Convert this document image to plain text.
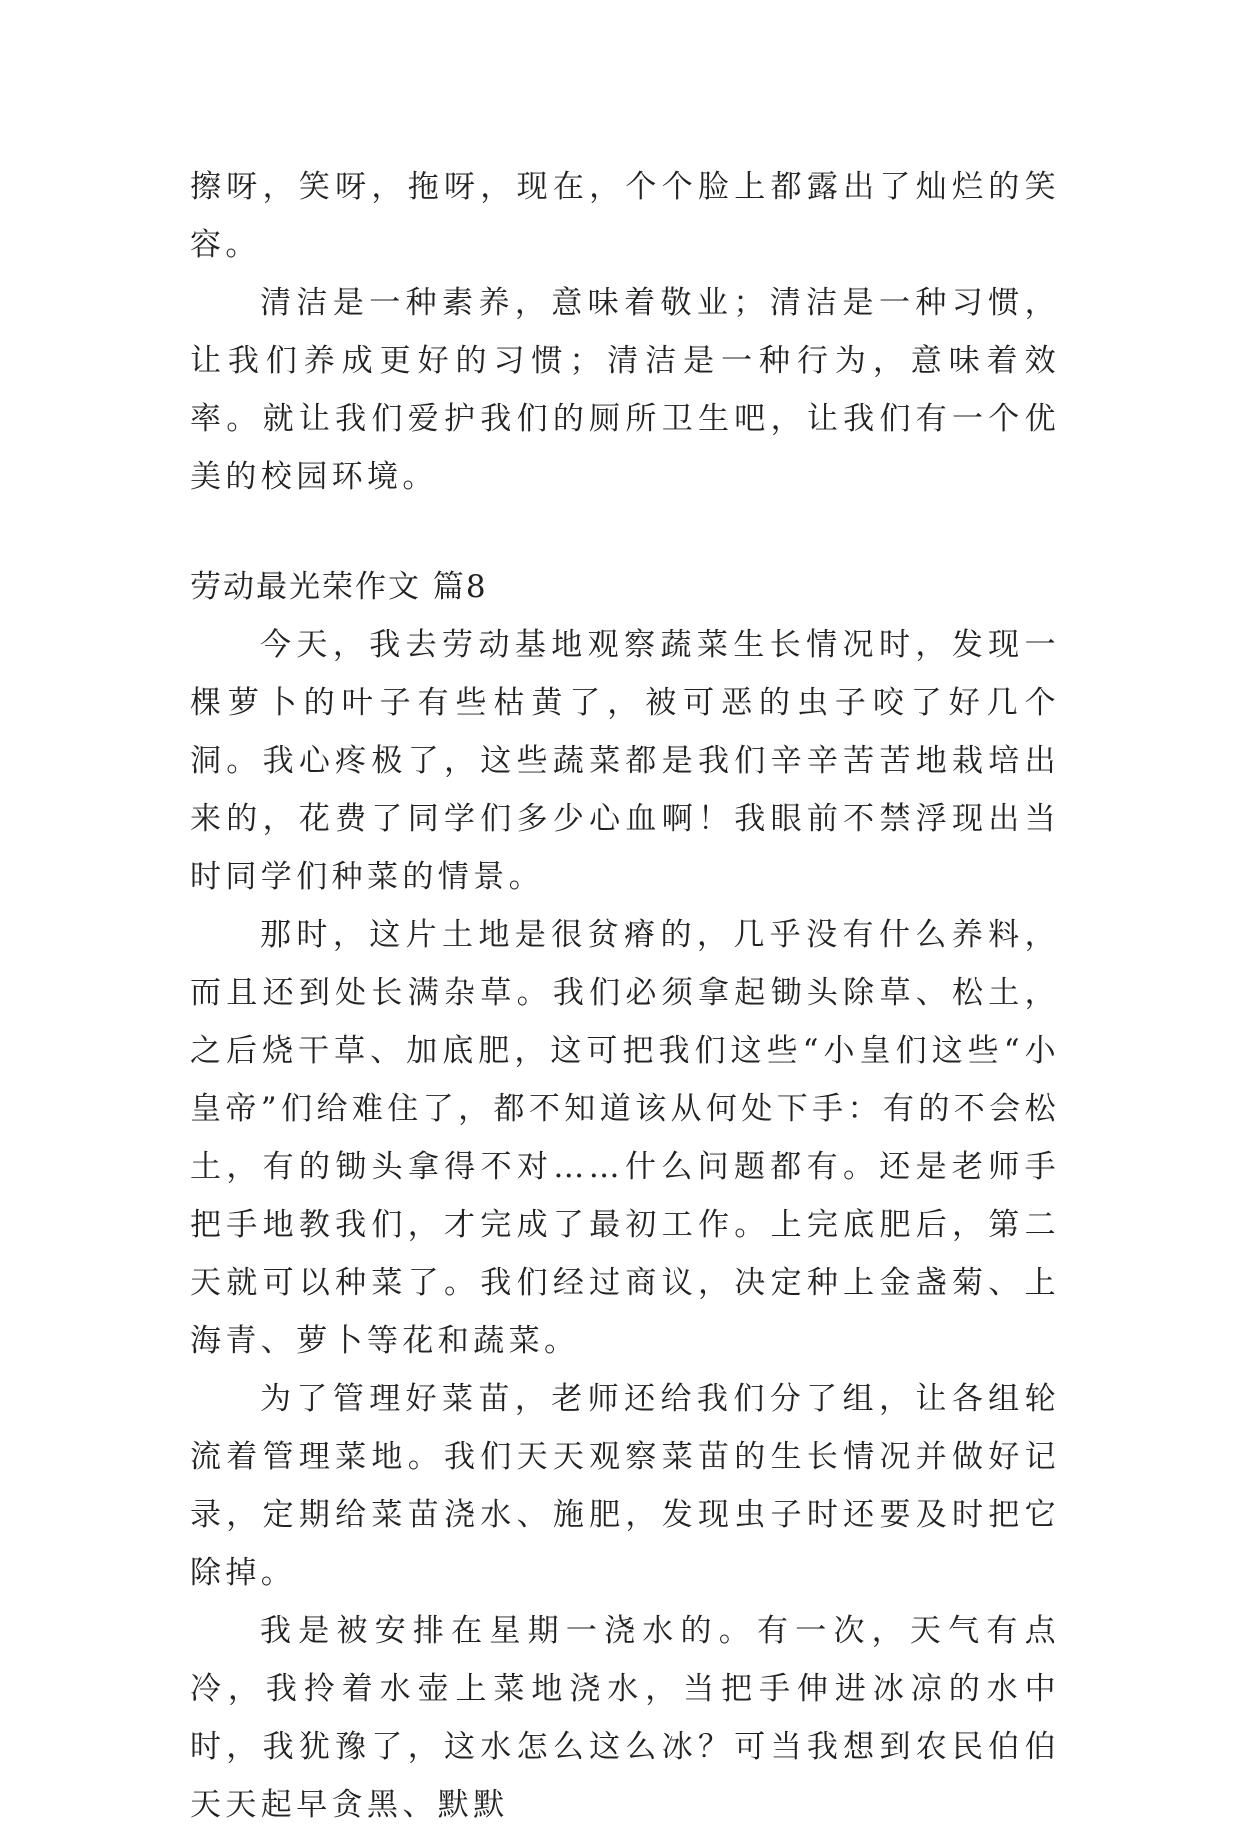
擦呀，笑呀，拖呀，现在，个个脸上都露出了灿烂的笑容。

清洁是一种素养，意味着敬业；清洁是一种习惯，让我们养成更好的习惯；清洁是一种行为，意味着效率。就让我们爱护我们的厕所卫生吧，让我们有一个优美的校园环境。

劳动最光荣作文 篇8

今天，我去劳动基地观察蔬菜生长情况时，发现一棵萝卜的叶子有些枯黄了，被可恶的虫子咬了好几个洞。我心疼极了，这些蔬菜都是我们辛辛苦苦地栽培出来的，花费了同学们多少心血啊！我眼前不禁浮现出当时同学们种菜的情景。

那时，这片土地是很贫瘠的，几乎没有什么养料，而且还到处长满杂草。我们必须拿起锄头除草、松土，之后烧干草、加底肥，这可把我们这些“小皇们这些“小皇帝”们给难住了，都不知道该从何处下手：有的不会松土，有的锄头拿得不对……什么问题都有。还是老师手把手地教我们，才完成了最初工作。上完底肥后，第二天就可以种菜了。我们经过商议，决定种上金盏菊、上海青、萝卜等花和蔬菜。

为了管理好菜苗，老师还给我们分了组，让各组轮流着管理菜地。我们天天观察菜苗的生长情况并做好记录，定期给菜苗浇水、施肥，发现虫子时还要及时把它除掉。

我是被安排在星期一浇水的。有一次，天气有点冷，我拎着水壶上菜地浇水，当把手伸进冰凉的水中时，我犹豫了，这水怎么这么冰？可当我想到农民伯伯天天起早贪黑、默默
